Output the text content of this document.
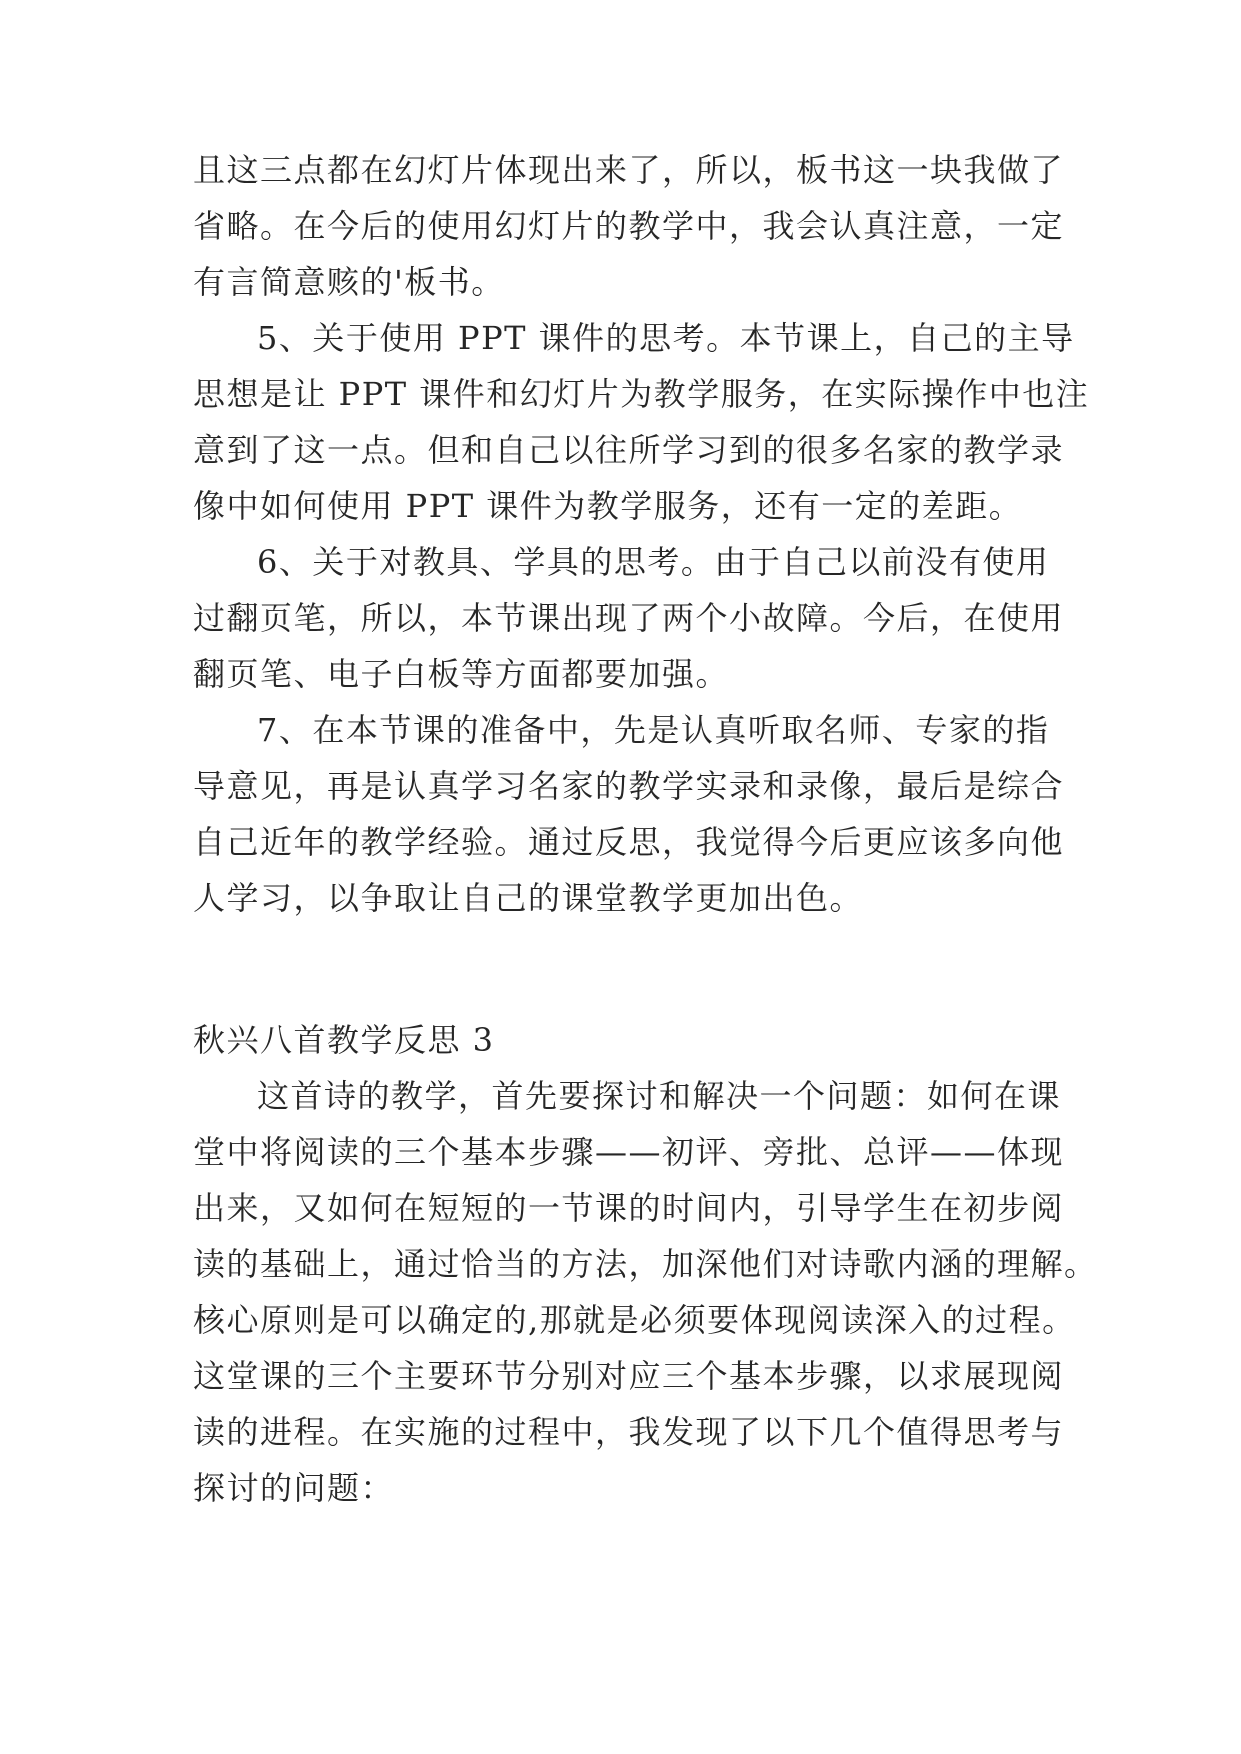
且这三点都在幻灯片体现出来了，所以，板书这一块我做了
省略。在今后的使用幻灯片的教学中，我会认真注意，一定
有言简意赅的'板书。
5、关于使用 PPT 课件的思考。本节课上，自己的主导
思想是让 PPT 课件和幻灯片为教学服务，在实际操作中也注
意到了这一点。但和自己以往所学习到的很多名家的教学录
像中如何使用 PPT 课件为教学服务，还有一定的差距。
6、关于对教具、学具的思考。由于自己以前没有使用
过翻页笔，所以，本节课出现了两个小故障。今后，在使用
翻页笔、电子白板等方面都要加强。
7、在本节课的准备中，先是认真听取名师、专家的指
导意见，再是认真学习名家的教学实录和录像，最后是综合
自己近年的教学经验。通过反思，我觉得今后更应该多向他
人学习，以争取让自己的课堂教学更加出色。
秋兴八首教学反思 3
这首诗的教学，首先要探讨和解决一个问题：如何在课
堂中将阅读的三个基本步骤——初评、旁批、总评——体现
出来，又如何在短短的一节课的时间内，引导学生在初步阅
读的基础上，通过恰当的方法，加深他们对诗歌内涵的理解。
核心原则是可以确定的,那就是必须要体现阅读深入的过程。
这堂课的三个主要环节分别对应三个基本步骤，以求展现阅
读的进程。在实施的过程中，我发现了以下几个值得思考与
探讨的问题：
